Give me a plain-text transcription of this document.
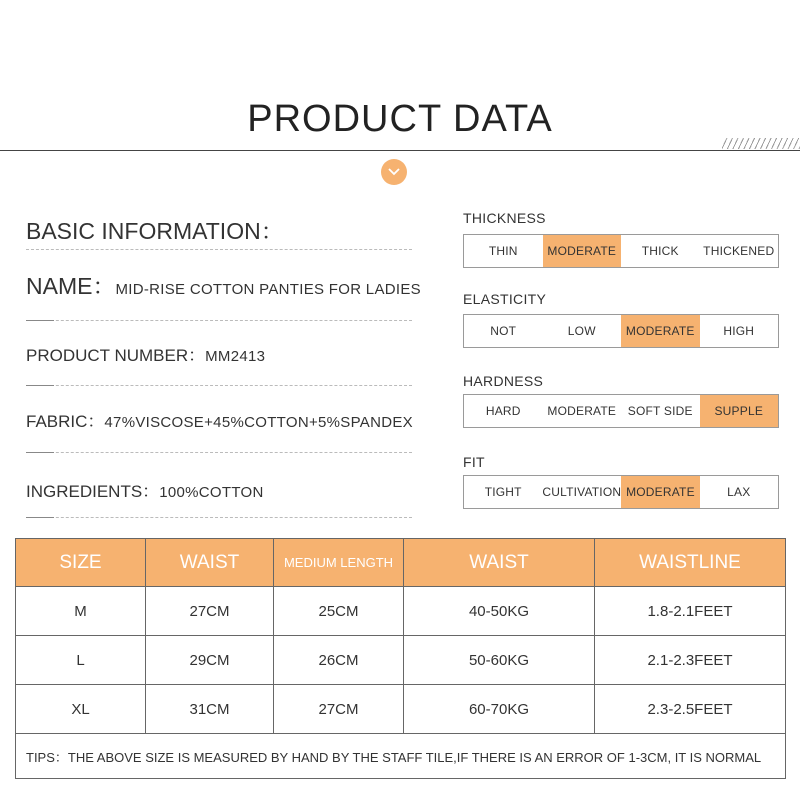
PRODUCT DATA
BASIC INFORMATION：
NAME：MID-RISE COTTON PANTIES FOR LADIES
PRODUCT NUMBER：MM2413
FABRIC：47%VISCOSE+45%COTTON+5%SPANDEX
INGREDIENTS：100%COTTON
THICKNESS
THIN	MODERATE	THICK	THICKENED
ELASTICITY
NOT	LOW	MODERATE	HIGH
HARDNESS
HARD	MODERATE SOFT SIDE	SUPPLE
FIT
TIGHT	CULTIVATION MODERATE	LAX
SIZE	WAIST	MEDIUM LENGTH	WAIST	WAISTLINE
M	27CM	25CM	40-50KG	1.8-2.1FEET
L	29CM	26CM	50-60KG	2.1-2.3FEET
XL	31CM	27CM	60-70KG	2.3-2.5FEET
TIPS：THE ABOVE SIZE IS MEASURED BY HAND BY THE STAFF TILE,IF THERE IS AN ERROR OF 1-3CM, IT IS NORMAL				
